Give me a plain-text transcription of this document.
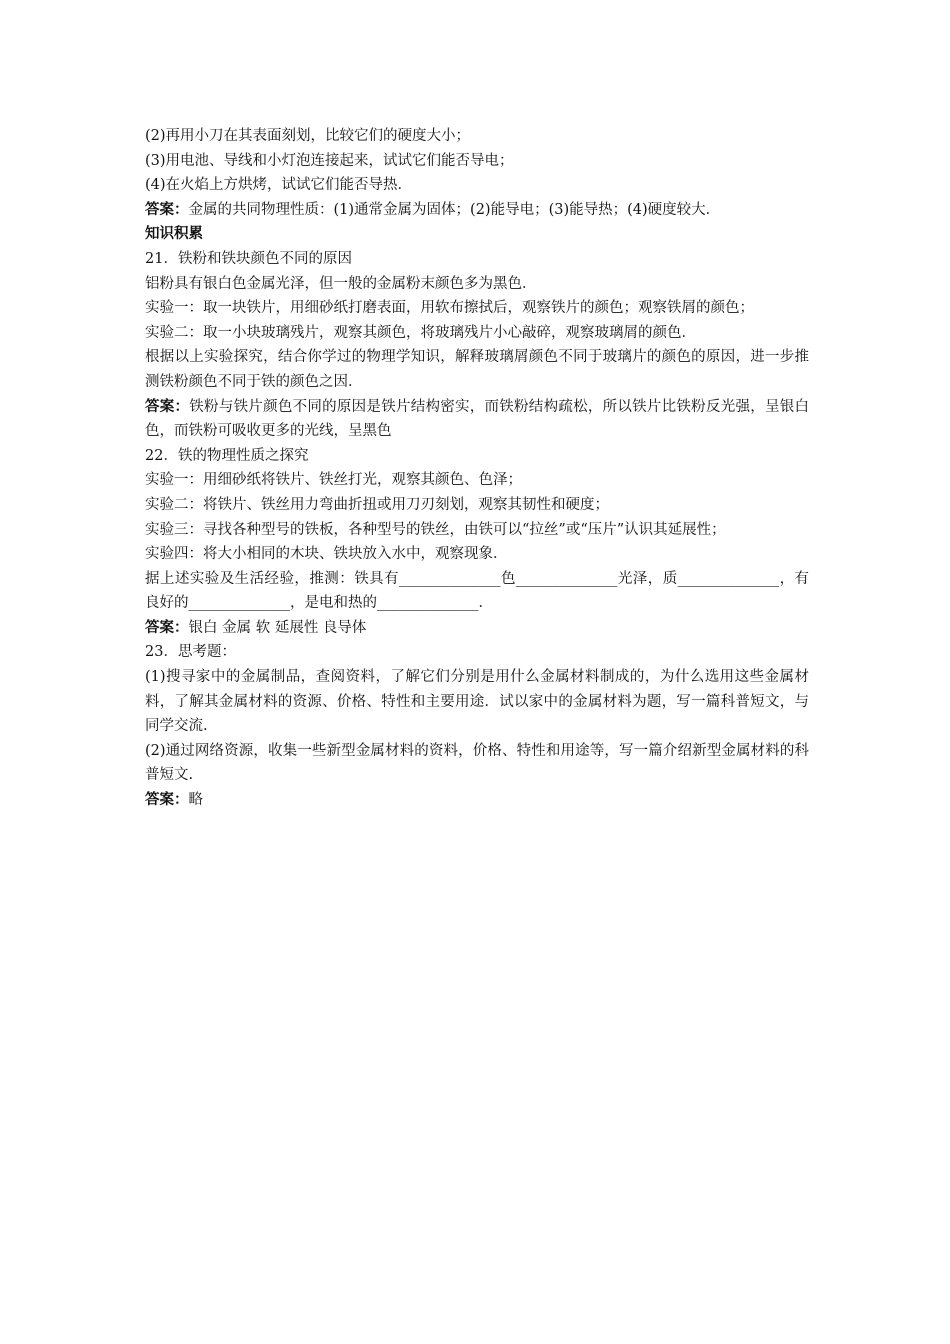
(2)再用小刀在其表面刻划，比较它们的硬度大小；

(3)用电池、导线和小灯泡连接起来，试试它们能否导电；

(4)在火焰上方烘烤，试试它们能否导热．

答案：金属的共同物理性质：(1)通常金属为固体；(2)能导电；(3)能导热；(4)硬度较大．

知识积累

21．铁粉和铁块颜色不同的原因

铝粉具有银白色金属光泽，但一般的金属粉末颜色多为黑色．

实验一：取一块铁片，用细砂纸打磨表面，用软布擦拭后，观察铁片的颜色；观察铁屑的颜色；

实验二：取一小块玻璃残片，观察其颜色，将玻璃残片小心敲碎，观察玻璃屑的颜色．

根据以上实验探究，结合你学过的物理学知识，解释玻璃屑颜色不同于玻璃片的颜色的原因，进一步推测铁粉颜色不同于铁的颜色之因．

答案：铁粉与铁片颜色不同的原因是铁片结构密实，而铁粉结构疏松，所以铁片比铁粉反光强，呈银白色，而铁粉可吸收更多的光线，呈黑色

22．铁的物理性质之探究

实验一：用细砂纸将铁片、铁丝打光，观察其颜色、色泽；

实验二：将铁片、铁丝用力弯曲折扭或用刀刃刻划，观察其韧性和硬度；

实验三：寻找各种型号的铁板，各种型号的铁丝，由铁可以“拉丝”或“压片”认识其延展性；

实验四：将大小相同的木块、铁块放入水中，观察现象．

据上述实验及生活经验，推测：铁具有______________色______________光泽，质______________，有良好的______________，是电和热的______________．

答案：银白 金属 软 延展性 良导体

23．思考题：

(1)搜寻家中的金属制品，查阅资料，了解它们分别是用什么金属材料制成的，为什么选用这些金属材料，了解其金属材料的资源、价格、特性和主要用途．试以家中的金属材料为题，写一篇科普短文，与同学交流.

(2)通过网络资源，收集一些新型金属材料的资料，价格、特性和用途等，写一篇介绍新型金属材料的科普短文.

答案：略
